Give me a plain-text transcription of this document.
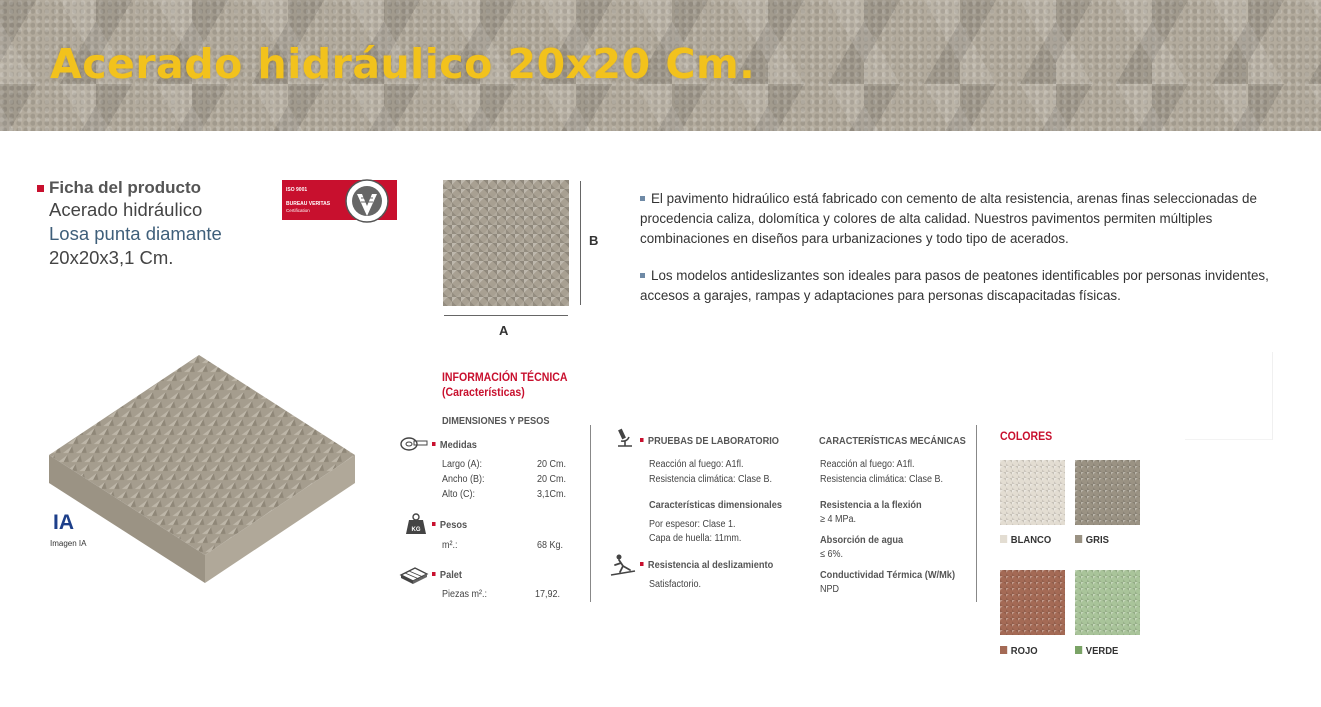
Acerado hidráulico 20x20 Cm.
Ficha del producto
Acerado hidráulico
Losa punta diamante
20x20x3,1 Cm.
ISO 9001
BUREAU VERITAS
Certification
B
A

El pavimento hidraúlico está fabricado con cemento de alta resistencia, arenas finas seleccionadas de procedencia caliza, dolomítica y colores de alta calidad. Nuestros pavimentos permiten múltiples combinaciones en diseños para urbanizaciones y todo tipo de acerados.

Los modelos antideslizantes son ideales para pasos de peatones identificables por personas invidentes, accesos a garajes, rampas y adaptaciones para personas discapacitadas físicas.

IA
Imagen IA
INFORMACIÓN TÉCNICA
(Características)
DIMENSIONES Y PESOS
Medidas
Largo (A):	20 Cm.
Ancho (B):	20 Cm.
Alto (C):	3,1Cm.
KG	Pesos
m².:	68 Kg.
Palet
Piezas m².:	17,92.
PRUEBAS DE LABORATORIO
Reacción al fuego: A1fl.
Resistencia climática: Clase B.
Características dimensionales
Por espesor: Clase 1.
Capa de huella: 11mm.
Resistencia al deslizamiento
Satisfactorio.
CARACTERÍSTICAS MECÁNICAS
Reacción al fuego: A1fl.
Resistencia climática: Clase B.
Resistencia a la flexión
≥ 4 MPa.
Absorción de agua
≤ 6%.
Conductividad Térmica (W/Mk)
NPD
COLORES
BLANCO	GRIS
ROJO	VERDE
